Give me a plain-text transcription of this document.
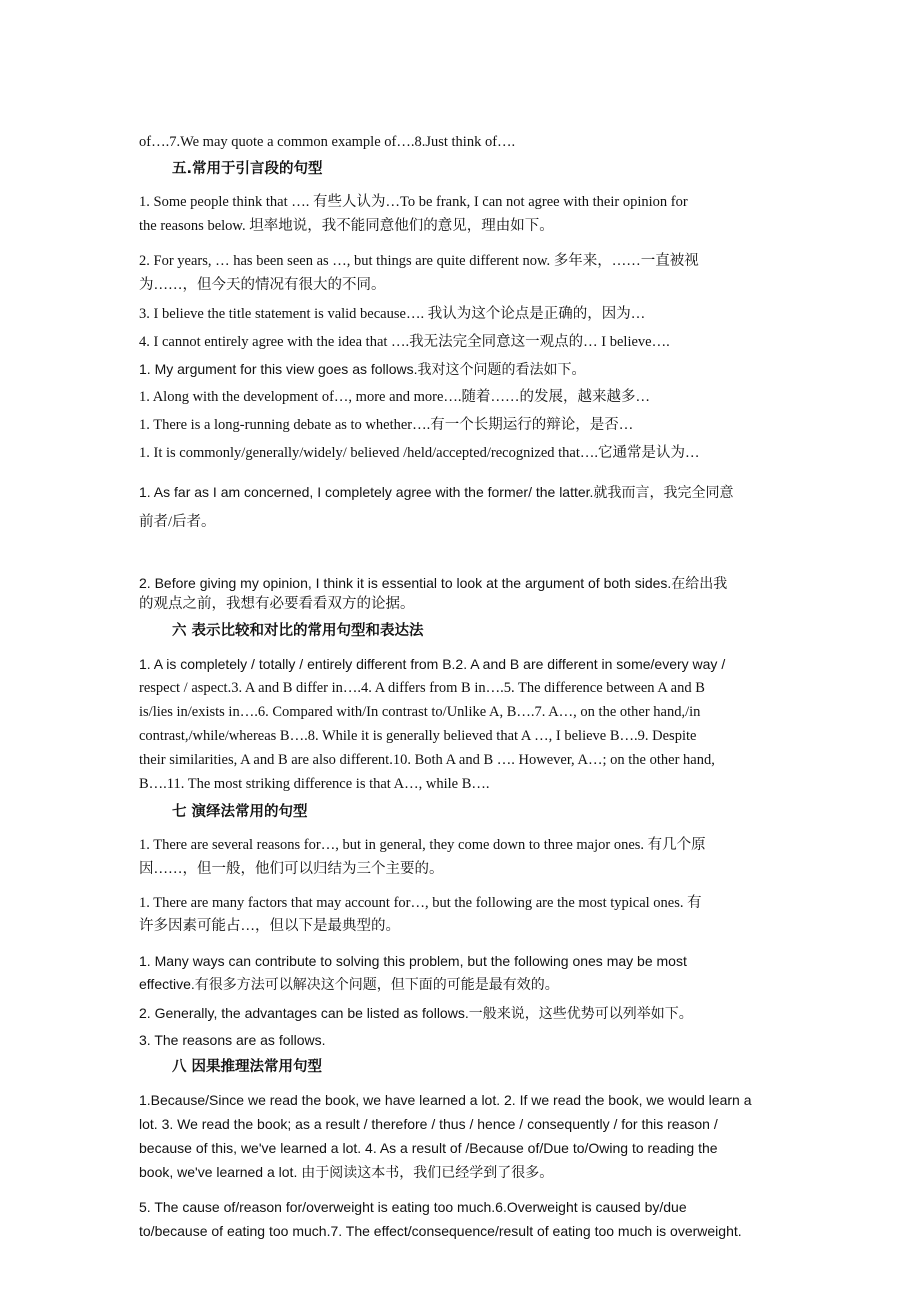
of….7.We may quote a common example of….8.Just think of….
五.常用于引言段的句型
1. Some people think that …. 有些人认为…To be frank, I can not agree with their opinion for
the reasons below. 坦率地说，我不能同意他们的意见，理由如下。
2. For years, … has been seen as …, but things are quite different now. 多年来，……一直被视
为……，但今天的情况有很大的不同。
3. I believe the title statement is valid because…. 我认为这个论点是正确的，因为…
4. I cannot entirely agree with the idea that ….我无法完全同意这一观点的… I believe….
1. My argument for this view goes as follows.我对这个问题的看法如下。
1. Along with the development of…, more and more….随着……的发展，越来越多…
1. There is a long-running debate as to whether….有一个长期运行的辩论，是否…
1. It is commonly/generally/widely/ believed /held/accepted/recognized that….它通常是认为…
1. As far as I am concerned, I completely agree with the former/ the latter.就我而言，我完全同意
前者/后者。
2. Before giving my opinion, I think it is essential to look at the argument of both sides.在给出我
的观点之前，我想有必要看看双方的论据。
六 表示比较和对比的常用句型和表达法
1. A is completely / totally / entirely different from B.2. A and B are different in some/every way /
respect / aspect.3. A and B differ in….4. A differs from B in….5. The difference between A and B
is/lies in/exists in….6. Compared with/In contrast to/Unlike A, B….7. A…, on the other hand,/in
contrast,/while/whereas B….8. While it is generally believed that A …, I believe B….9. Despite
their similarities, A and B are also different.10. Both A and B …. However, A…; on the other hand,
B….11. The most striking difference is that A…, while B….
七 演绎法常用的句型
1. There are several reasons for…, but in general, they come down to three major ones. 有几个原
因……，但一般，他们可以归结为三个主要的。
1. There are many factors that may account for…, but the following are the most typical ones. 有
许多因素可能占…，但以下是最典型的。
1. Many ways can contribute to solving this problem, but the following ones may be most
effective.有很多方法可以解决这个问题，但下面的可能是最有效的。
2. Generally, the advantages can be listed as follows.一般来说，这些优势可以列举如下。
3. The reasons are as follows.
八 因果推理法常用句型
1.Because/Since we read the book, we have learned a lot. 2. If we read the book, we would learn a
lot. 3. We read the book; as a result / therefore / thus / hence / consequently / for this reason /
because of this, we've learned a lot. 4. As a result of /Because of/Due to/Owing to reading the
book, we've learned a lot. 由于阅读这本书，我们已经学到了很多。
5. The cause of/reason for/overweight is eating too much.6.Overweight is caused by/due
to/because of eating too much.7. The effect/consequence/result of eating too much is overweight.
